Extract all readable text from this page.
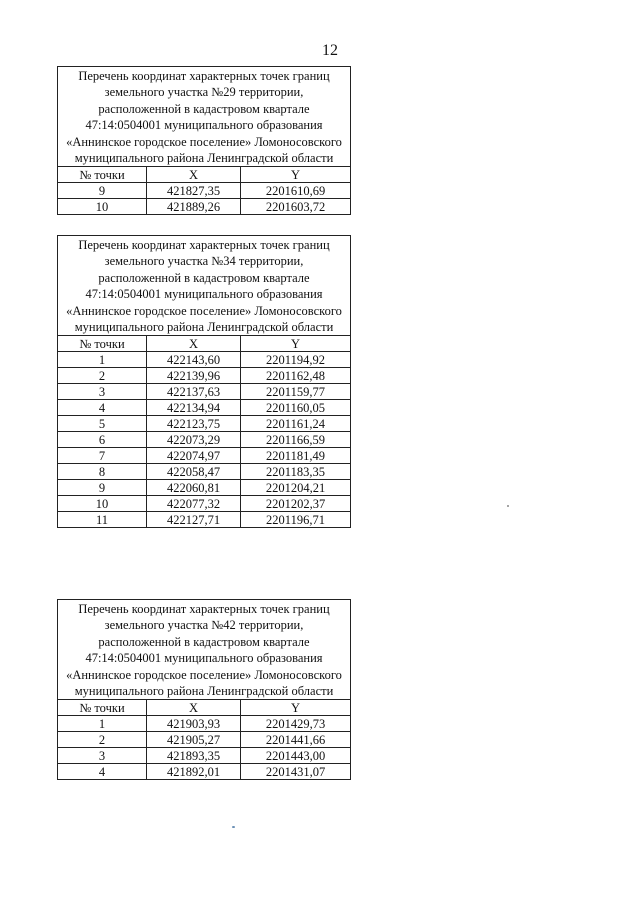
12
Перечень координат характерных точек границ земельного участка №29 территории, расположенной в кадастровом квартале 47:14:0504001 муниципального образования «Аннинское городское поселение» Ломоносовского муниципального района Ленинградской области		
№ точки	X	Y
9	421827,35	2201610,69
10	421889,26	2201603,72
Перечень координат характерных точек границ земельного участка №34 территории, расположенной в кадастровом квартале 47:14:0504001 муниципального образования «Аннинское городское поселение» Ломоносовского муниципального района Ленинградской области		
№ точки	X	Y
1	422143,60	2201194,92
2	422139,96	2201162,48
3	422137,63	2201159,77
4	422134,94	2201160,05
5	422123,75	2201161,24
6	422073,29	2201166,59
7	422074,97	2201181,49
8	422058,47	2201183,35
9	422060,81	2201204,21
10	422077,32	2201202,37
11	422127,71	2201196,71
Перечень координат характерных точек границ земельного участка №42 территории, расположенной в кадастровом квартале 47:14:0504001 муниципального образования «Аннинское городское поселение» Ломоносовского муниципального района Ленинградской области		
№ точки	X	Y
1	421903,93	2201429,73
2	421905,27	2201441,66
3	421893,35	2201443,00
4	421892,01	2201431,07
